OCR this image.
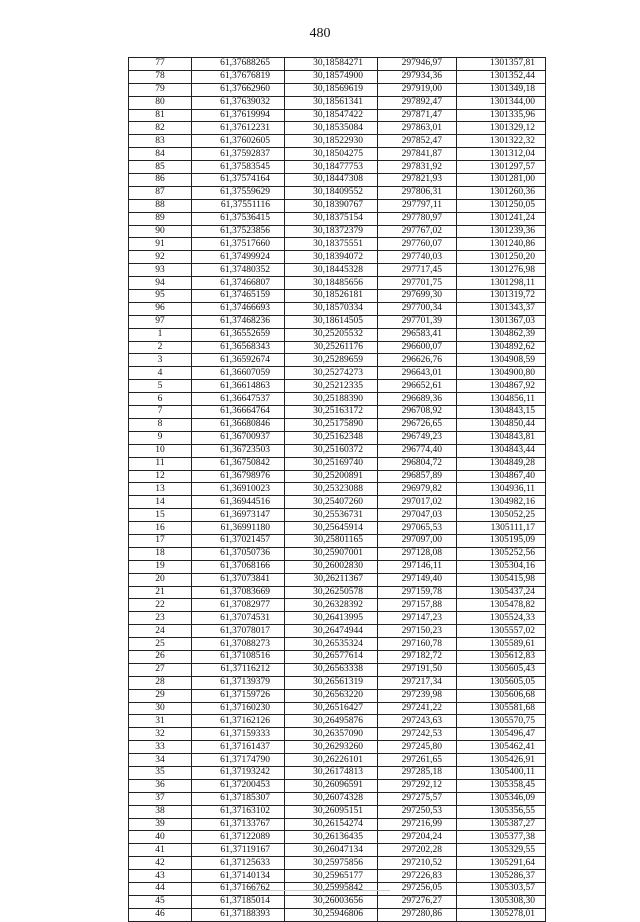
480
77	61,37688265	30,18584271	297946,97	1301357,81
78	61,37676819	30,18574900	297934,36	1301352,44
79	61,37662960	30,18569619	297919,00	1301349,18
80	61,37639032	30,18561341	297892,47	1301344,00
81	61,37619994	30,18547422	297871,47	1301335,96
82	61,37612231	30,18535084	297863,01	1301329,12
83	61,37602605	30,18522930	297852,47	1301322,32
84	61,37592837	30,18504275	297841,87	1301312,04
85	61,37583545	30,18477753	297831,92	1301297,57
86	61,37574164	30,18447308	297821,93	1301281,00
87	61,37559629	30,18409552	297806,31	1301260,36
88	61,37551116	30,18390767	297797,11	1301250,05
89	61,37536415	30,18375154	297780,97	1301241,24
90	61,37523856	30,18372379	297767,02	1301239,36
91	61,37517660	30,18375551	297760,07	1301240,86
92	61,37499924	30,18394072	297740,03	1301250,20
93	61,37480352	30,18445328	297717,45	1301276,98
94	61,37466807	30,18485656	297701,75	1301298,11
95	61,37465159	30,18526181	297699,30	1301319,72
96	61,37466693	30,18570334	297700,34	1301343,37
97	61,37468236	30,18614505	297701,39	1301367,03
1	61,36552659	30,25205532	296583,41	1304862,39
2	61,36568343	30,25261176	296600,07	1304892,62
3	61,36592674	30,25289659	296626,76	1304908,59
4	61,36607059	30,25274273	296643,01	1304900,80
5	61,36614863	30,25212335	296652,61	1304867,92
6	61,36647537	30,25188390	296689,36	1304856,11
7	61,36664764	30,25163172	296708,92	1304843,15
8	61,36680846	30,25175890	296726,65	1304850,44
9	61,36700937	30,25162348	296749,23	1304843,81
10	61,36723503	30,25160372	296774,40	1304843,44
11	61,36750842	30,25169740	296804,72	1304849,28
12	61,36798976	30,25200891	296857,89	1304867,40
13	61,36910023	30,25323088	296979,82	1304936,11
14	61,36944516	30,25407260	297017,02	1304982,16
15	61,36973147	30,25536731	297047,03	1305052,25
16	61,36991180	30,25645914	297065,53	1305111,17
17	61,37021457	30,25801165	297097,00	1305195,09
18	61,37050736	30,25907001	297128,08	1305252,56
19	61,37068166	30,26002830	297146,11	1305304,16
20	61,37073841	30,26211367	297149,40	1305415,98
21	61,37083669	30,26250578	297159,78	1305437,24
22	61,37082977	30,26328392	297157,88	1305478,82
23	61,37074531	30,26413995	297147,23	1305524,33
24	61,37078017	30,26474944	297150,23	1305557,02
25	61,37088273	30,26535324	297160,78	1305589,61
26	61,37108516	30,26577614	297182,72	1305612,83
27	61,37116212	30,26563338	297191,50	1305605,43
28	61,37139379	30,26561319	297217,34	1305605,05
29	61,37159726	30,26563220	297239,98	1305606,68
30	61,37160230	30,26516427	297241,22	1305581,68
31	61,37162126	30,26495876	297243,63	1305570,75
32	61,37159333	30,26357090	297242,53	1305496,47
33	61,37161437	30,26293260	297245,80	1305462,41
34	61,37174790	30,26226101	297261,65	1305426,91
35	61,37193242	30,26174813	297285,18	1305400,11
36	61,37200453	30,26096591	297292,12	1305358,45
37	61,37185307	30,26074328	297275,57	1305346,09
38	61,37163102	30,26095151	297250,53	1305356,55
39	61,37133767	30,26154274	297216,99	1305387,27
40	61,37122089	30,26136435	297204,24	1305377,38
41	61,37119167	30,26047134	297202,28	1305329,55
42	61,37125633	30,25975856	297210,52	1305291,64
43	61,37140134	30,25965177	297226,83	1305286,37
44	61,37166762	30,25995842	297256,05	1305303,57
45	61,37185014	30,26003656	297276,27	1305308,30
46	61,37188393	30,25946806	297280,86	1305278,01
